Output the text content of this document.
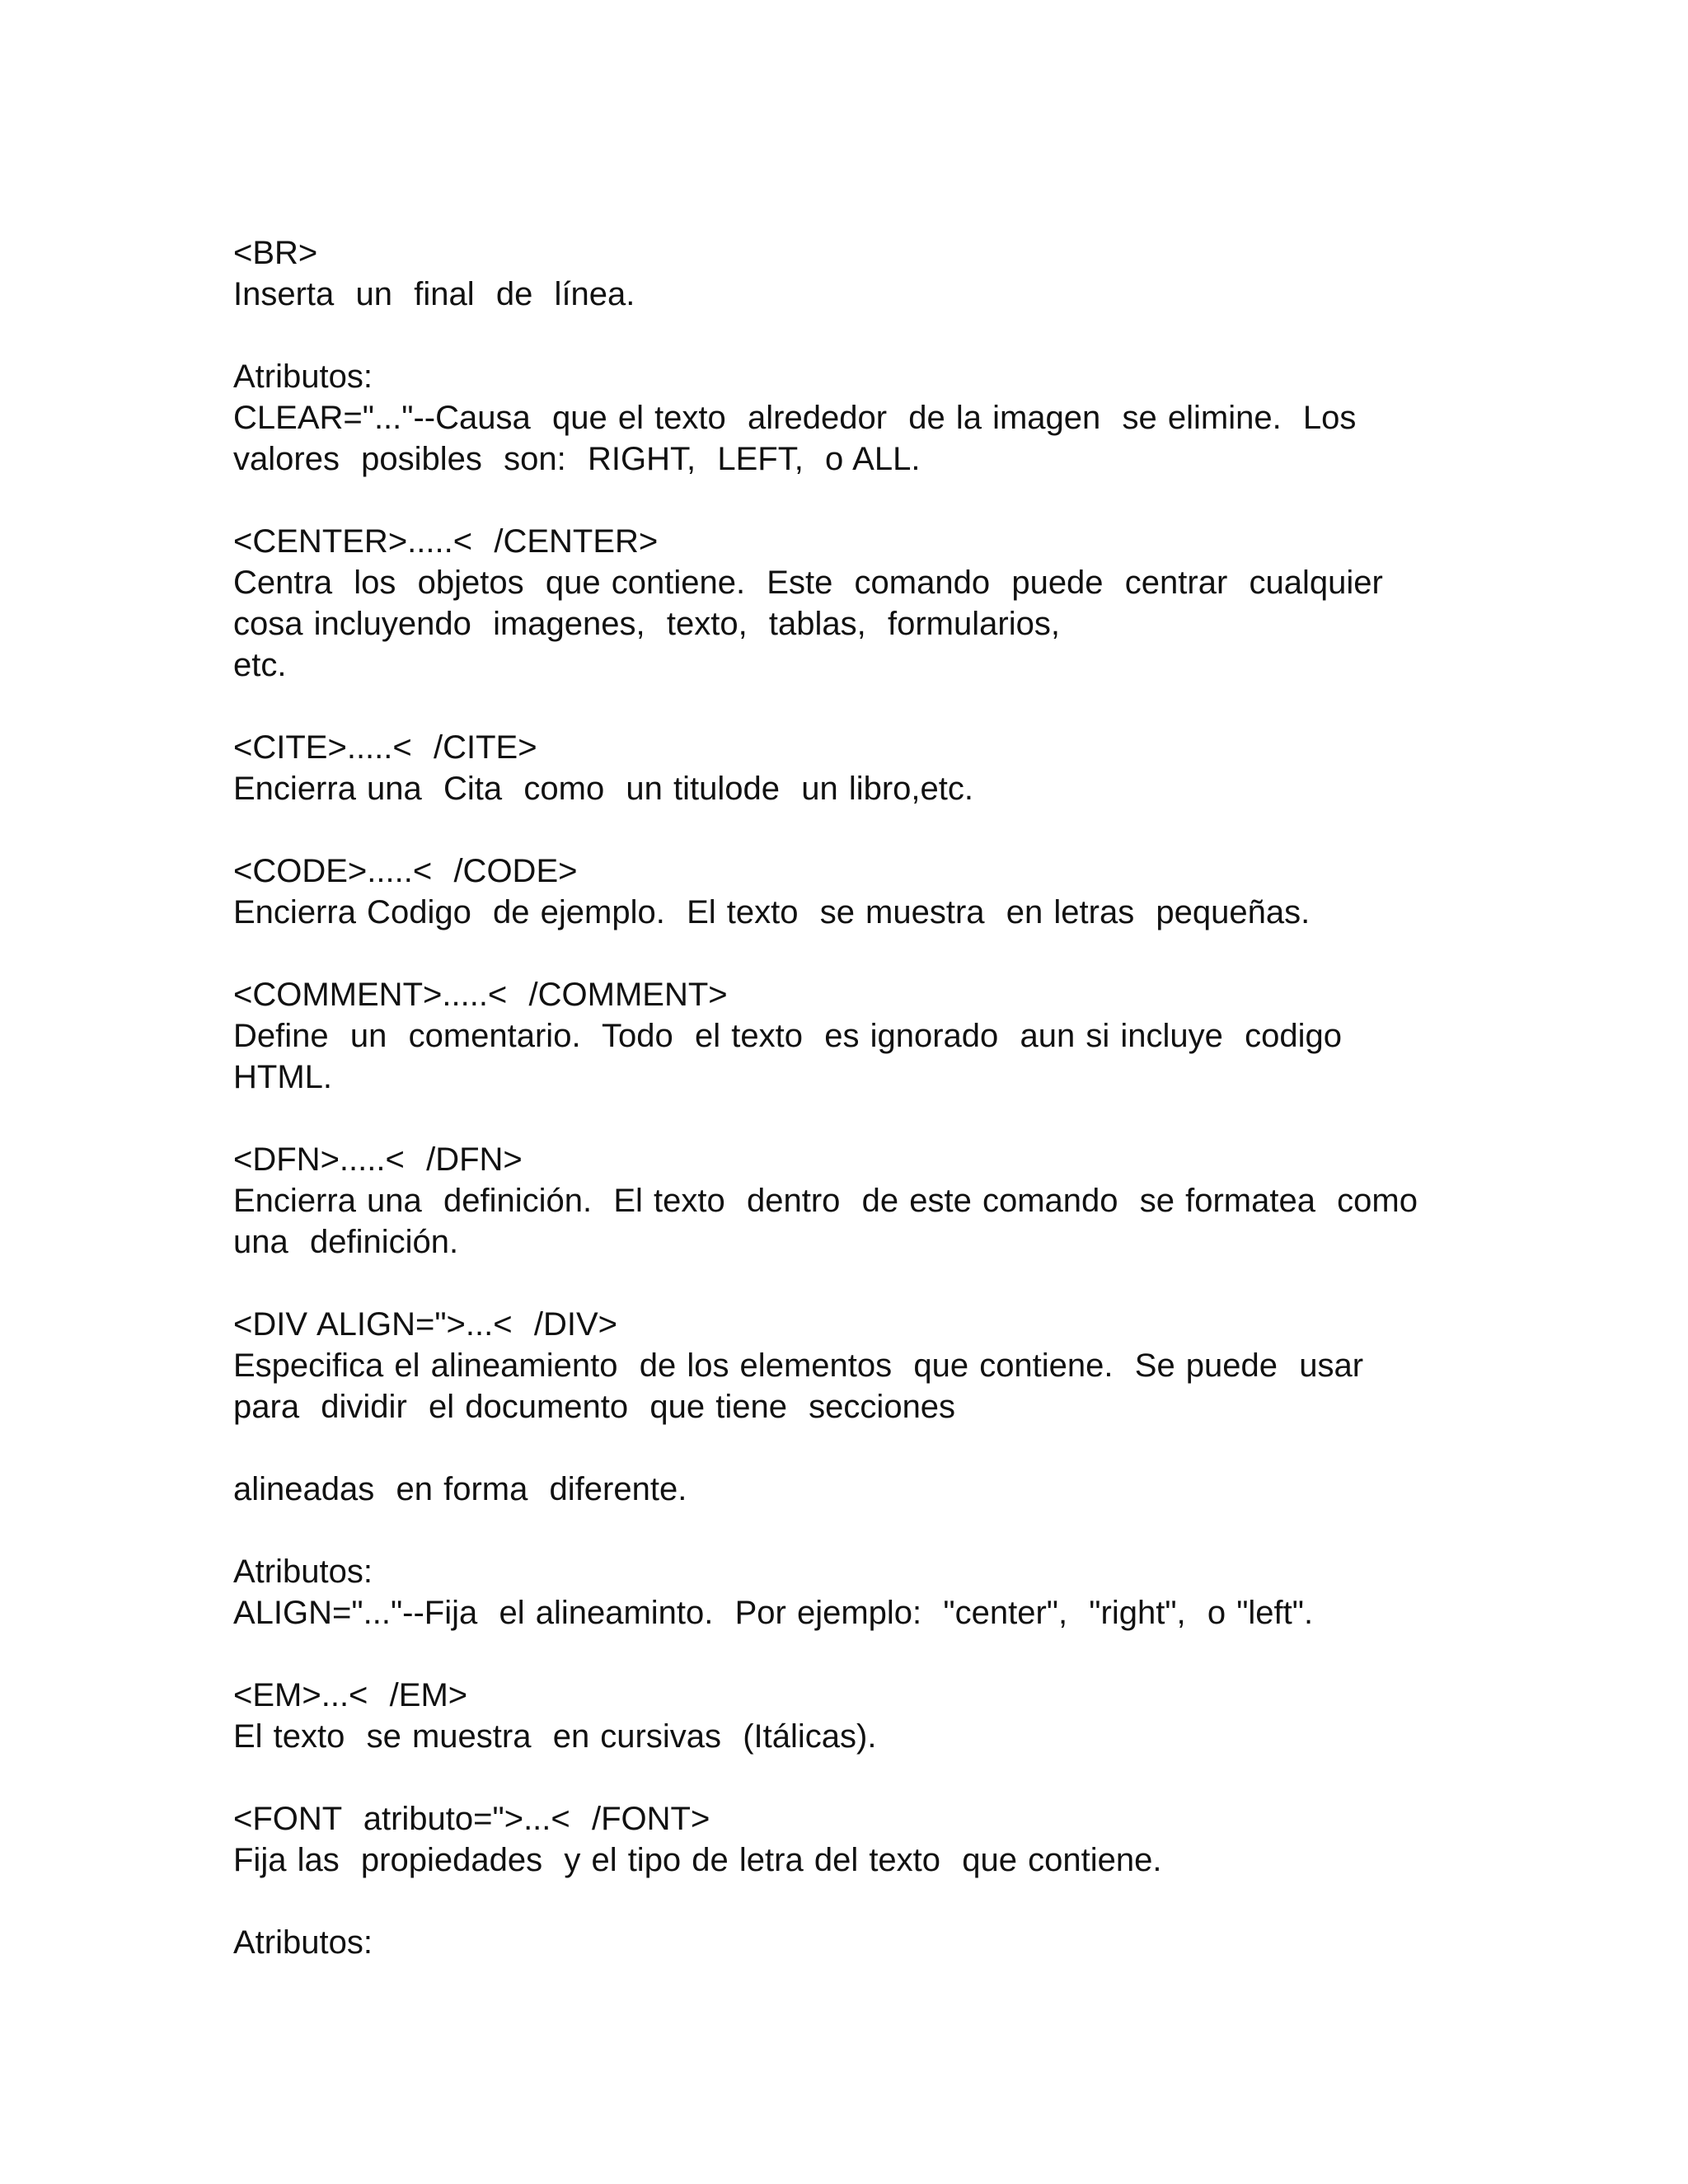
<BR>
Inserta  un  final  de  línea.
Atributos:
CLEAR="..."--Causa  que el texto  alrededor  de la imagen  se elimine.  Los
valores  posibles  son:  RIGHT,  LEFT,  o ALL.
<CENTER>.....<  /CENTER>
Centra  los  objetos  que contiene.  Este  comando  puede  centrar  cualquier
cosa incluyendo  imagenes,  texto,  tablas,  formularios,
etc.
<CITE>.....<  /CITE>
Encierra una  Cita  como  un titulode  un libro,etc.
<CODE>.....<  /CODE>
Encierra Codigo  de ejemplo.  El texto  se muestra  en letras  pequeñas.
<COMMENT>.....<  /COMMENT>
Define  un  comentario.  Todo  el texto  es ignorado  aun si incluye  codigo
HTML.
<DFN>.....<  /DFN>
Encierra una  definición.  El texto  dentro  de este comando  se formatea  como
una  definición.
<DIV ALIGN=">...<  /DIV>
Especifica el alineamiento  de los elementos  que contiene.  Se puede  usar
para  dividir  el documento  que tiene  secciones
alineadas  en forma  diferente.
Atributos:
ALIGN="..."--Fija  el alineaminto.  Por ejemplo:  "center",  "right",  o "left".
<EM>...<  /EM>
El texto  se muestra  en cursivas  (Itálicas).
<FONT  atributo=">...<  /FONT>
Fija las  propiedades  y el tipo de letra del texto  que contiene.
Atributos:
